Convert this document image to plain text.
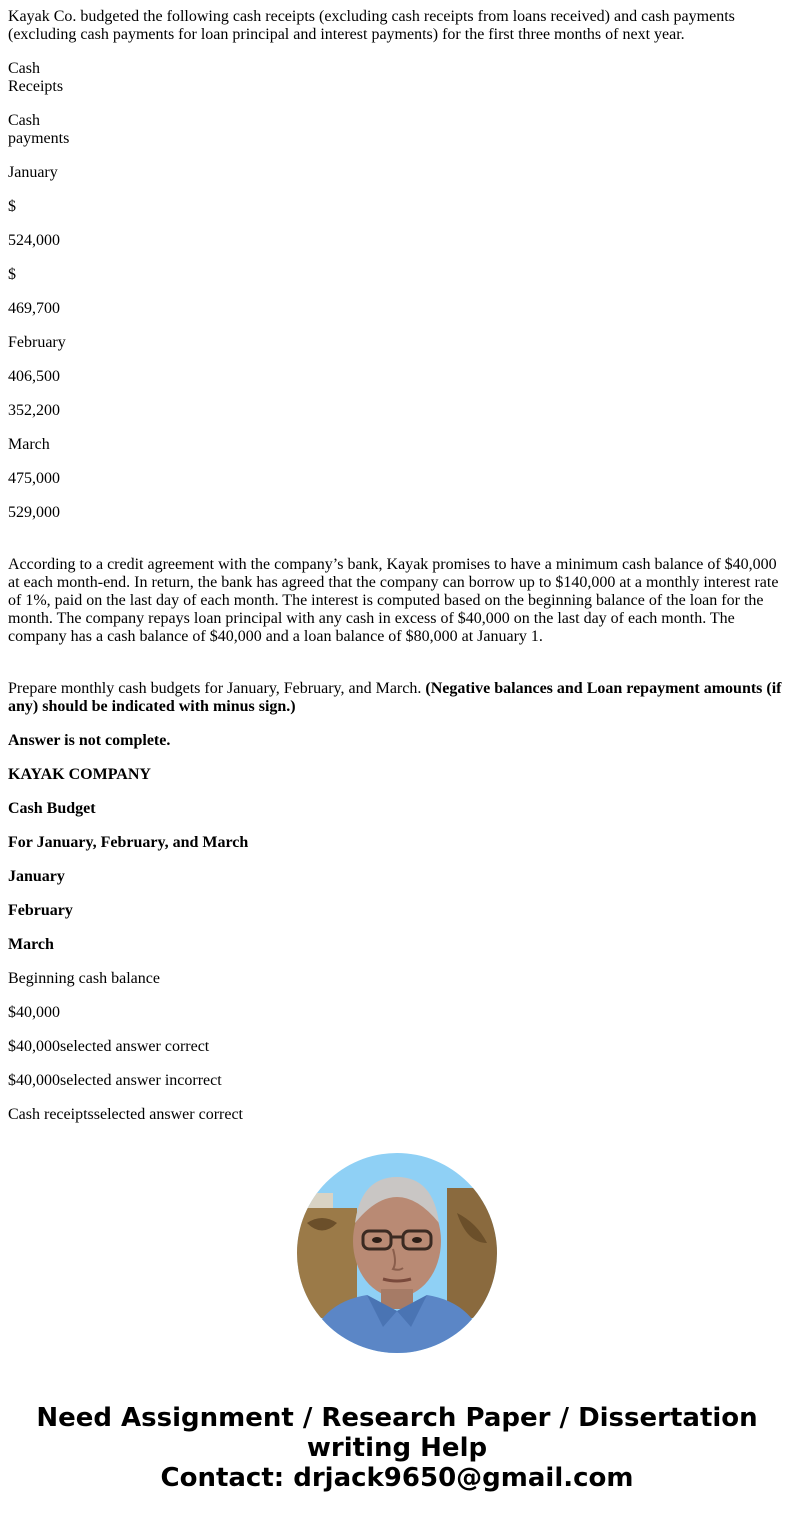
Kayak Co. budgeted the following cash receipts (excluding cash receipts from loans received) and cash payments (excluding cash payments for loan principal and interest payments) for the first three months of next year.

Cash Receipts

Cash payments

January

$

524,000

$

469,700

February

406,500

352,200

March

475,000

529,000

According to a credit agreement with the company’s bank, Kayak promises to have a minimum cash balance of $40,000 at each month-end. In return, the bank has agreed that the company can borrow up to $140,000 at a monthly interest rate of 1%, paid on the last day of each month. The interest is computed based on the beginning balance of the loan for the month. The company repays loan principal with any cash in excess of $40,000 on the last day of each month. The company has a cash balance of $40,000 and a loan balance of $80,000 at January 1.

Prepare monthly cash budgets for January, February, and March. (Negative balances and Loan repayment amounts (if any) should be indicated with minus sign.)

Answer is not complete.

KAYAK COMPANY

Cash Budget

For January, February, and March

January

February

March

Beginning cash balance

$40,000

$40,000selected answer correct

$40,000selected answer incorrect

Cash receiptsselected answer correct

Need Assignment / Research Paper / Dissertation
writing Help
Contact: drjack9650@gmail.com
